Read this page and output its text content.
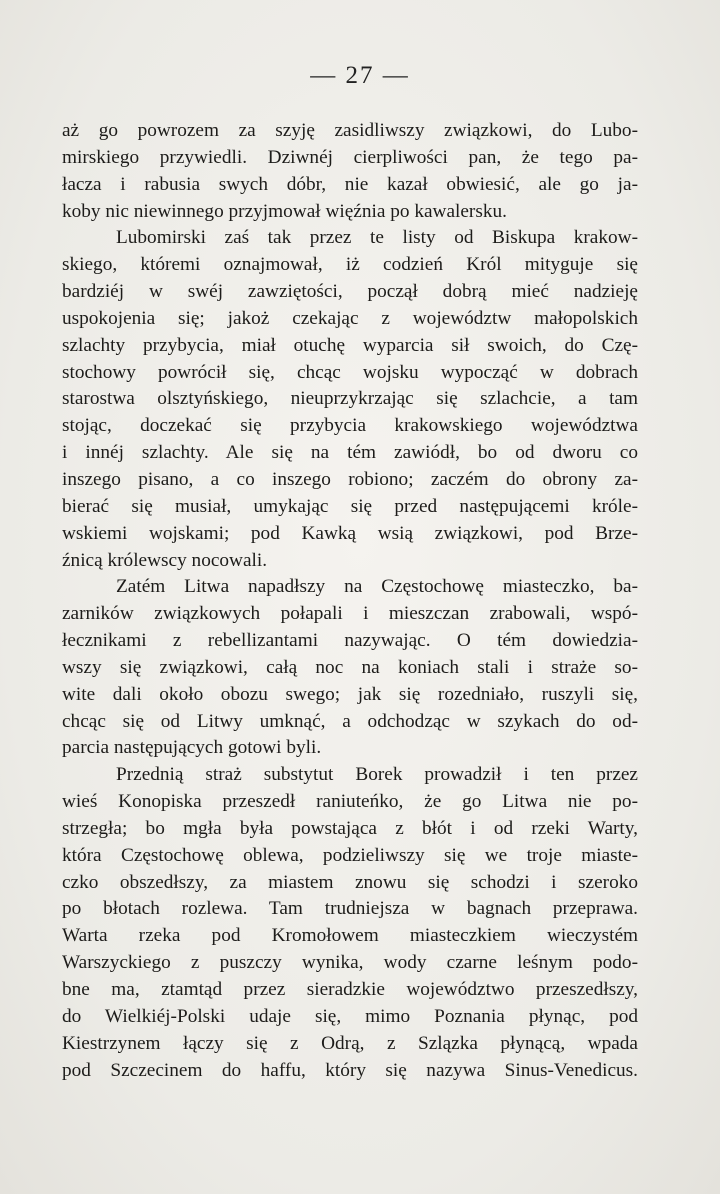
— 27 —
aż go powrozem za szyję zasidliwszy związkowi, do Lubo-
mirskiego przywiedli. Dziwnéj cierpliwości pan, że tego pa-
łacza i rabusia swych dóbr, nie kazał obwiesić, ale go ja-
koby nic niewinnego przyjmował więźnia po kawalersku.
Lubomirski zaś tak przez te listy od Biskupa krakow-
skiego, któremi oznajmował, iż codzień Król mityguje się
bardziéj w swéj zawziętości, począł dobrą mieć nadzieję
uspokojenia się; jakoż czekając z województw małopolskich
szlachty przybycia, miał otuchę wyparcia sił swoich, do Czę-
stochowy powrócił się, chcąc wojsku wypocząć w dobrach
starostwa olsztyńskiego, nieuprzykrzając się szlachcie, a tam
stojąc, doczekać się przybycia krakowskiego województwa
i innéj szlachty. Ale się na tém zawiódł, bo od dworu co
inszego pisano, a co inszego robiono; zaczém do obrony za-
bierać się musiał, umykając się przed następującemi króle-
wskiemi wojskami; pod Kawką wsią związkowi, pod Brze-
źnicą królewscy nocowali.
Zatém Litwa napadłszy na Częstochowę miasteczko, ba-
zarników związkowych połapali i mieszczan zrabowali, wspó-
łecznikami z rebellizantami nazywając. O tém dowiedzia-
wszy się związkowi, całą noc na koniach stali i straże so-
wite dali około obozu swego; jak się rozedniało, ruszyli się,
chcąc się od Litwy umknąć, a odchodząc w szykach do od-
parcia następujących gotowi byli.
Przednią straż substytut Borek prowadził i ten przez
wieś Konopiska przeszedł raniuteńko, że go Litwa nie po-
strzegła; bo mgła była powstająca z błót i od rzeki Warty,
która Częstochowę oblewa, podzieliwszy się we troje miaste-
czko obszedłszy, za miastem znowu się schodzi i szeroko
po błotach rozlewa. Tam trudniejsza w bagnach przeprawa.
Warta rzeka pod Kromołowem miasteczkiem wieczystém
Warszyckiego z puszczy wynika, wody czarne leśnym podo-
bne ma, ztamtąd przez sieradzkie województwo przeszedłszy,
do Wielkiéj-Polski udaje się, mimo Poznania płynąc, pod
Kiestrzynem łączy się z Odrą, z Szlązka płynącą, wpada
pod Szczecinem do haffu, który się nazywa Sinus-Venedicus.
